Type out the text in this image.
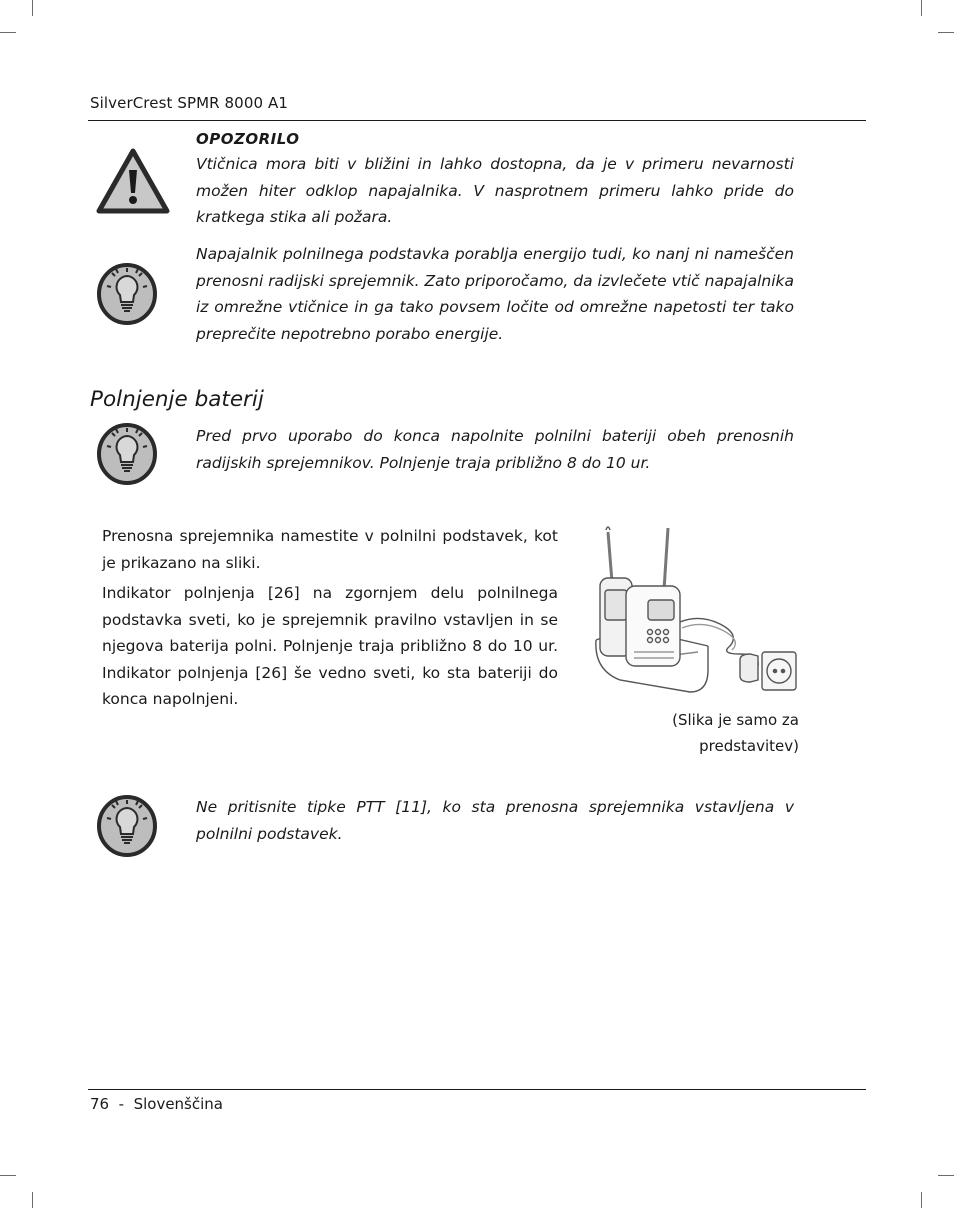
SilverCrest SPMR 8000 A1
OPOZORILO
Vtičnica mora biti v bližini in lahko dostopna, da je v primeru nevarnosti možen hiter odklop napajalnika. V nasprotnem primeru lahko pride do kratkega stika ali požara.
Napajalnik polnilnega podstavka porablja energijo tudi, ko nanj ni nameščen prenosni radijski sprejemnik. Zato priporočamo, da izvlečete vtič napajalnika iz omrežne vtičnice in ga tako povsem ločite od omrežne napetosti ter tako preprečite nepotrebno porabo energije.
Polnjenje baterij
Pred prvo uporabo do konca napolnite polnilni bateriji obeh prenosnih radijskih sprejemnikov. Polnjenje traja približno 8 do 10 ur.

Prenosna sprejemnika namestite v polnilni podstavek, kot je prikazano na sliki.

Indikator polnjenja [26] na zgornjem delu polnilnega podstavka sveti, ko je sprejemnik pravilno vstavljen in se njegova baterija polni. Polnjenje traja približno 8 do 10 ur. Indikator polnjenja [26] še vedno sveti, ko sta bateriji do konca napolnjeni.

(Slika je samo za
predstavitev)
Ne pritisnite tipke PTT [11], ko sta prenosna sprejemnika vstavljena v polnilni podstavek.
76  -  Slovenščina
